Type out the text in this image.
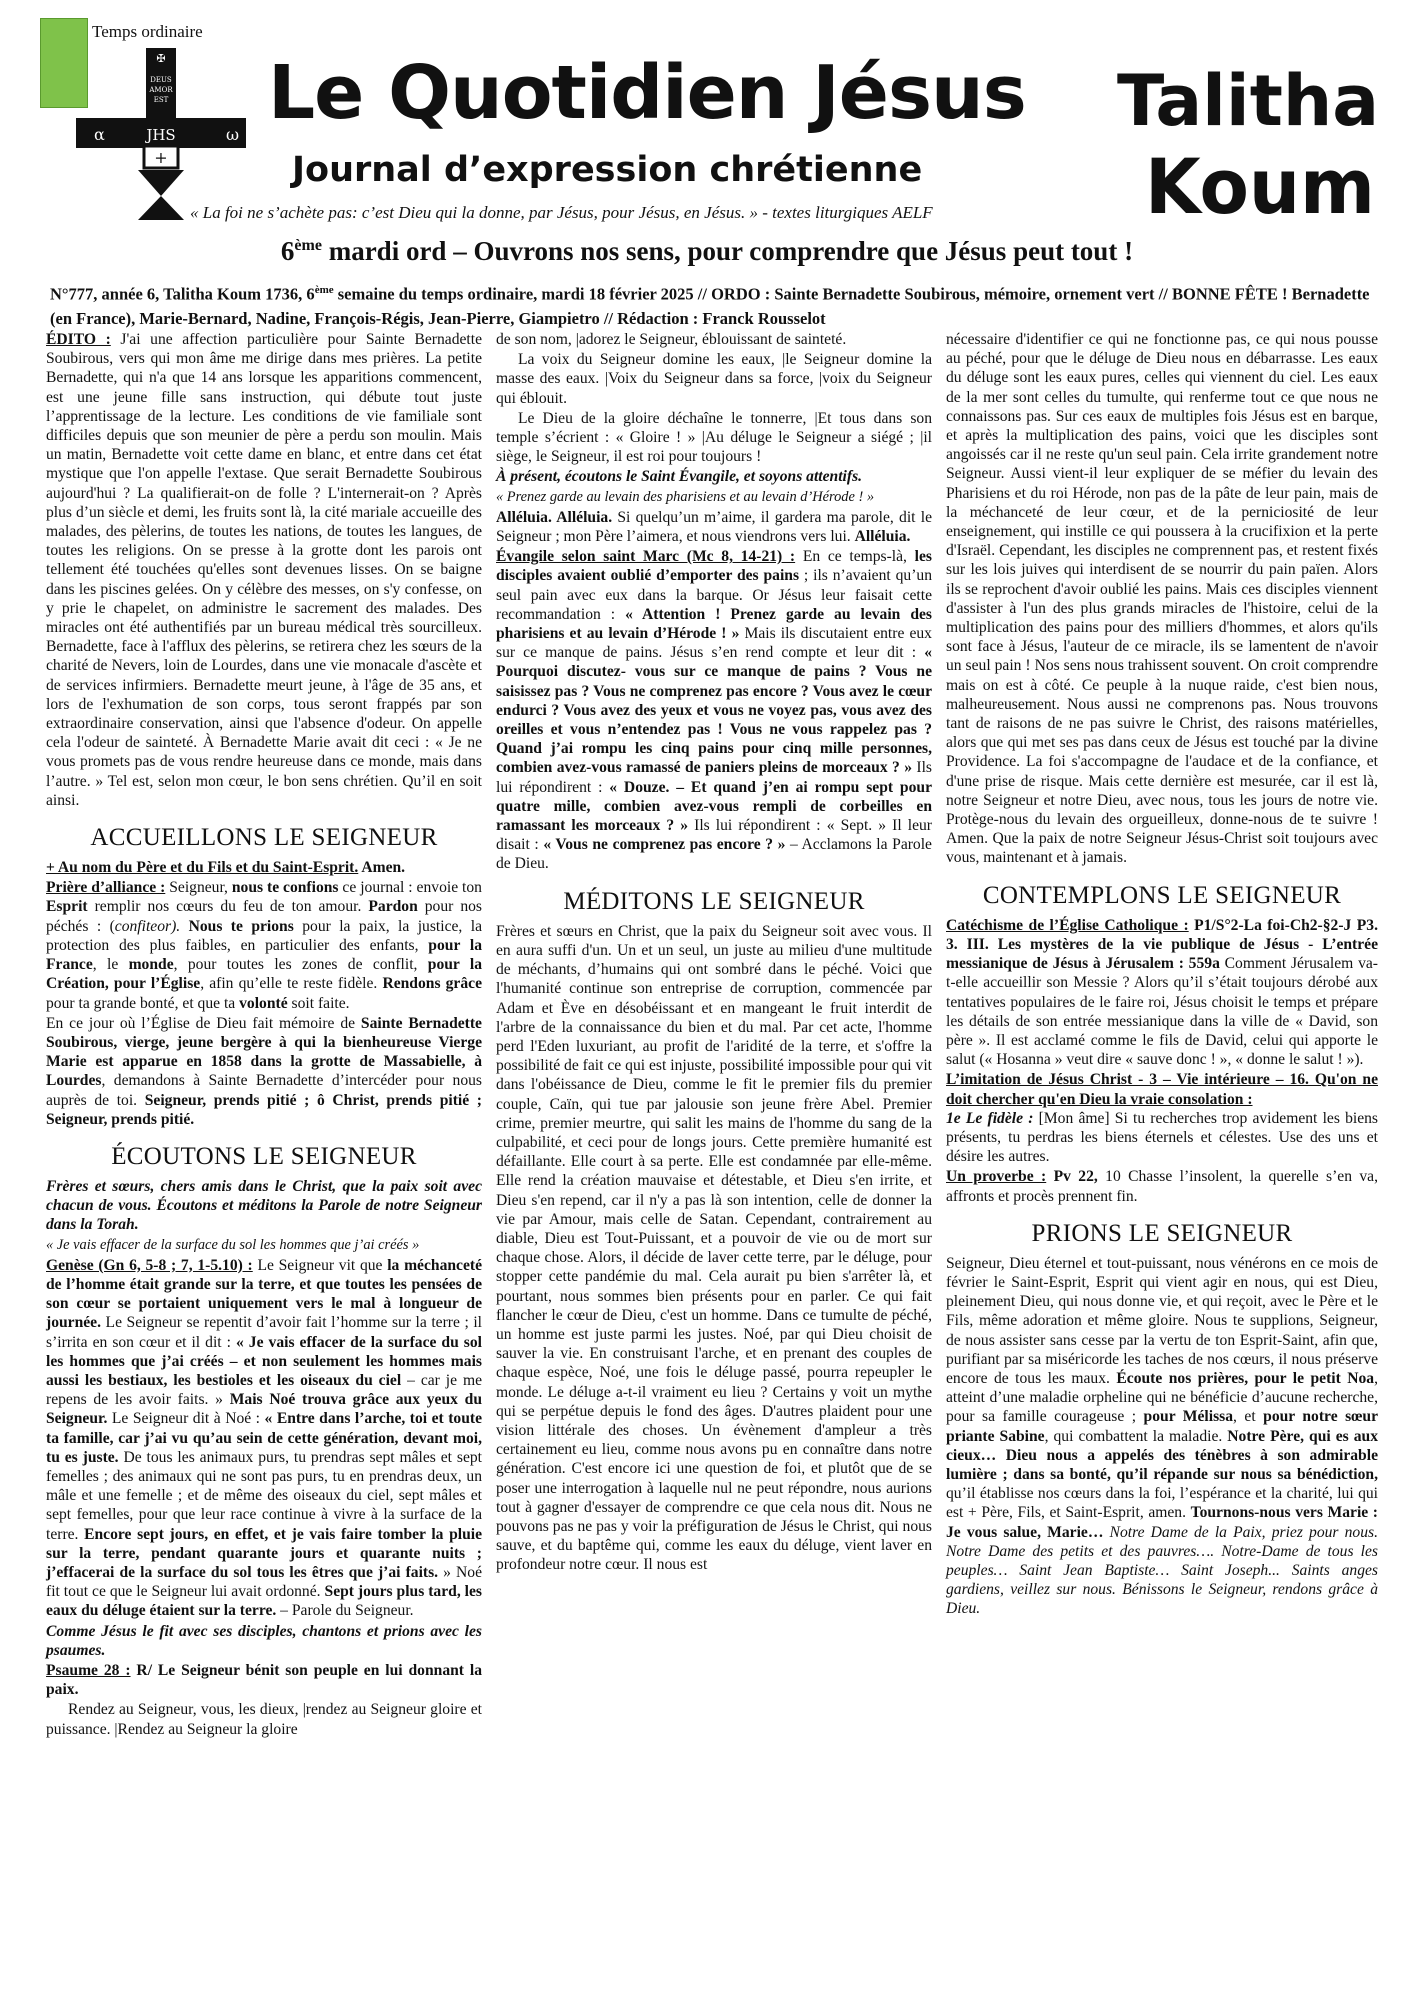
Temps ordinaire
✠
DEUS
AMOR
EST
α	JHS	ω
+
Le Quotidien Jésus
Journal d’expression chrétienne
« La foi ne s’achète pas: c’est Dieu qui la donne, par Jésus, pour Jésus, en Jésus. » - textes liturgiques AELF
Talitha
Koum
6ème mardi ord – Ouvrons nos sens, pour comprendre que Jésus peut tout !
N°777, année 6, Talitha Koum 1736, 6ème semaine du temps ordinaire, mardi 18 février 2025 // ORDO : Sainte Bernadette Soubirous, mémoire, ornement vert // BONNE FÊTE ! Bernadette (en France), Marie-Bernard, Nadine, François-Régis, Jean-Pierre, Giampietro // Rédaction : Franck Rousselot

ÉDITO : J'ai une affection particulière pour Sainte Bernadette Soubirous, vers qui mon âme me dirige dans mes prières. La petite Bernadette, qui n'a que 14 ans lorsque les apparitions commencent, est une jeune fille sans instruction, qui débute tout juste l’apprentissage de la lecture. Les conditions de vie familiale sont difficiles depuis que son meunier de père a perdu son moulin. Mais un matin, Bernadette voit cette dame en blanc, et entre dans cet état mystique que l'on appelle l'extase. Que serait Bernadette Soubirous aujourd'hui ? La qualifierait-on de folle ? L'internerait-on ? Après plus d’un siècle et demi, les fruits sont là, la cité mariale accueille des malades, des pèlerins, de toutes les nations, de toutes les langues, de toutes les religions. On se presse à la grotte dont les parois ont tellement été touchées qu'elles sont devenues lisses. On se baigne dans les piscines gelées. On y célèbre des messes, on s'y confesse, on y prie le chapelet, on administre le sacrement des malades. Des miracles ont été authentifiés par un bureau médical très sourcilleux. Bernadette, face à l'afflux des pèlerins, se retirera chez les sœurs de la charité de Nevers, loin de Lourdes, dans une vie monacale d'ascète et de services infirmiers. Bernadette meurt jeune, à l'âge de 35 ans, et lors de l'exhumation de son corps, tous seront frappés par son extraordinaire conservation, ainsi que l'absence d'odeur. On appelle cela l'odeur de sainteté. À Bernadette Marie avait dit ceci : « Je ne vous promets pas de vous rendre heureuse dans ce monde, mais dans l’autre. » Tel est, selon mon cœur, le bon sens chrétien. Qu’il en soit ainsi.

ACCUEILLONS LE SEIGNEUR

+ Au nom du Père et du Fils et du Saint-Esprit. Amen.

Prière d’alliance : Seigneur, nous te confions ce journal : envoie ton Esprit remplir nos cœurs du feu de ton amour. Pardon pour nos péchés : (confiteor). Nous te prions pour la paix, la justice, la protection des plus faibles, en particulier des enfants, pour la France, le monde, pour toutes les zones de conflit, pour la Création, pour l’Église, afin qu’elle te reste fidèle. Rendons grâce pour ta grande bonté, et que ta volonté soit faite.

En ce jour où l’Église de Dieu fait mémoire de Sainte Bernadette Soubirous, vierge, jeune bergère à qui la bienheureuse Vierge Marie est apparue en 1858 dans la grotte de Massabielle, à Lourdes, demandons à Sainte Bernadette d’intercéder pour nous auprès de toi. Seigneur, prends pitié ; ô Christ, prends pitié ; Seigneur, prends pitié.

ÉCOUTONS LE SEIGNEUR

Frères et sœurs, chers amis dans le Christ, que la paix soit avec chacun de vous. Écoutons et méditons la Parole de notre Seigneur dans la Torah.

« Je vais effacer de la surface du sol les hommes que j’ai créés »

Genèse (Gn 6, 5-8 ; 7, 1-5.10) : Le Seigneur vit que la méchanceté de l’homme était grande sur la terre, et que toutes les pensées de son cœur se portaient uniquement vers le mal à longueur de journée. Le Seigneur se repentit d’avoir fait l’homme sur la terre ; il s’irrita en son cœur et il dit : « Je vais effacer de la surface du sol les hommes que j’ai créés – et non seulement les hommes mais aussi les bestiaux, les bestioles et les oiseaux du ciel – car je me repens de les avoir faits. » Mais Noé trouva grâce aux yeux du Seigneur. Le Seigneur dit à Noé : « Entre dans l’arche, toi et toute ta famille, car j’ai vu qu’au sein de cette génération, devant moi, tu es juste. De tous les animaux purs, tu prendras sept mâles et sept femelles ; des animaux qui ne sont pas purs, tu en prendras deux, un mâle et une femelle ; et de même des oiseaux du ciel, sept mâles et sept femelles, pour que leur race continue à vivre à la surface de la terre. Encore sept jours, en effet, et je vais faire tomber la pluie sur la terre, pendant quarante jours et quarante nuits ; j’effacerai de la surface du sol tous les êtres que j’ai faits. » Noé fit tout ce que le Seigneur lui avait ordonné. Sept jours plus tard, les eaux du déluge étaient sur la terre. – Parole du Seigneur.

Comme Jésus le fit avec ses disciples, chantons et prions avec les psaumes.

Psaume 28 : R/ Le Seigneur bénit son peuple en lui donnant la paix.

Rendez au Seigneur, vous, les dieux, |rendez au Seigneur gloire et puissance. |Rendez au Seigneur la gloire

de son nom, |adorez le Seigneur, éblouissant de sainteté.

La voix du Seigneur domine les eaux, |le Seigneur domine la masse des eaux. |Voix du Seigneur dans sa force, |voix du Seigneur qui éblouit.

Le Dieu de la gloire déchaîne le tonnerre, |Et tous dans son temple s’écrient : « Gloire ! » |Au déluge le Seigneur a siégé ; |il siège, le Seigneur, il est roi pour toujours !

À présent, écoutons le Saint Évangile, et soyons attentifs.

« Prenez garde au levain des pharisiens et au levain d’Hérode ! »

Alléluia. Alléluia. Si quelqu’un m’aime, il gardera ma parole, dit le Seigneur ; mon Père l’aimera, et nous viendrons vers lui. Alléluia.

Évangile selon saint Marc (Mc 8, 14-21) : En ce temps-là, les disciples avaient oublié d’emporter des pains ; ils n’avaient qu’un seul pain avec eux dans la barque. Or Jésus leur faisait cette recommandation : « Attention ! Prenez garde au levain des pharisiens et au levain d’Hérode ! » Mais ils discutaient entre eux sur ce manque de pains. Jésus s’en rend compte et leur dit : « Pourquoi discutez- vous sur ce manque de pains ? Vous ne saisissez pas ? Vous ne comprenez pas encore ? Vous avez le cœur endurci ? Vous avez des yeux et vous ne voyez pas, vous avez des oreilles et vous n’entendez pas ! Vous ne vous rappelez pas ? Quand j’ai rompu les cinq pains pour cinq mille personnes, combien avez-vous ramassé de paniers pleins de morceaux ? » Ils lui répondirent : « Douze. – Et quand j’en ai rompu sept pour quatre mille, combien avez-vous rempli de corbeilles en ramassant les morceaux ? » Ils lui répondirent : « Sept. » Il leur disait : « Vous ne comprenez pas encore ? » – Acclamons la Parole de Dieu.

MÉDITONS LE SEIGNEUR

Frères et sœurs en Christ, que la paix du Seigneur soit avec vous. Il en aura suffi d'un. Un et un seul, un juste au milieu d'une multitude de méchants, d’humains qui ont sombré dans le péché. Voici que l'humanité continue son entreprise de corruption, commencée par Adam et Ève en désobéissant et en mangeant le fruit interdit de l'arbre de la connaissance du bien et du mal. Par cet acte, l'homme perd l'Eden luxuriant, au profit de l'aridité de la terre, et s'offre la possibilité de fait ce qui est injuste, possibilité impossible pour qui vit dans l'obéissance de Dieu, comme le fit le premier fils du premier couple, Caïn, qui tue par jalousie son jeune frère Abel. Premier crime, premier meurtre, qui salit les mains de l'homme du sang de la culpabilité, et ceci pour de longs jours. Cette première humanité est défaillante. Elle court à sa perte. Elle est condamnée par elle-même. Elle rend la création mauvaise et détestable, et Dieu s'en irrite, et Dieu s'en repend, car il n'y a pas là son intention, celle de donner la vie par Amour, mais celle de Satan. Cependant, contrairement au diable, Dieu est Tout-Puissant, et a pouvoir de vie ou de mort sur chaque chose. Alors, il décide de laver cette terre, par le déluge, pour stopper cette pandémie du mal. Cela aurait pu bien s'arrêter là, et pourtant, nous sommes bien présents pour en parler. Ce qui fait flancher le cœur de Dieu, c'est un homme. Dans ce tumulte de péché, un homme est juste parmi les justes. Noé, par qui Dieu choisit de sauver la vie. En construisant l'arche, et en prenant des couples de chaque espèce, Noé, une fois le déluge passé, pourra repeupler le monde. Le déluge a-t-il vraiment eu lieu ? Certains y voit un mythe qui se perpétue depuis le fond des âges. D'autres plaident pour une vision littérale des choses. Un évènement d'ampleur a très certainement eu lieu, comme nous avons pu en connaître dans notre génération. C'est encore ici une question de foi, et plutôt que de se poser une interrogation à laquelle nul ne peut répondre, nous aurions tout à gagner d'essayer de comprendre ce que cela nous dit. Nous ne pouvons pas ne pas y voir la préfiguration de Jésus le Christ, qui nous sauve, et du baptême qui, comme les eaux du déluge, vient laver en profondeur notre cœur. Il nous est

nécessaire d'identifier ce qui ne fonctionne pas, ce qui nous pousse au péché, pour que le déluge de Dieu nous en débarrasse. Les eaux du déluge sont les eaux pures, celles qui viennent du ciel. Les eaux de la mer sont celles du tumulte, qui renferme tout ce que nous ne connaissons pas. Sur ces eaux de multiples fois Jésus est en barque, et après la multiplication des pains, voici que les disciples sont angoissés car il ne reste qu'un seul pain. Cela irrite grandement notre Seigneur. Aussi vient-il leur expliquer de se méfier du levain des Pharisiens et du roi Hérode, non pas de la pâte de leur pain, mais de la méchanceté de leur cœur, et de la perniciosité de leur enseignement, qui instille ce qui poussera à la crucifixion et la perte d'Israël. Cependant, les disciples ne comprennent pas, et restent fixés sur les lois juives qui interdisent de se nourrir du pain païen. Alors ils se reprochent d'avoir oublié les pains. Mais ces disciples viennent d'assister à l'un des plus grands miracles de l'histoire, celui de la multiplication des pains pour des milliers d'hommes, et alors qu'ils sont face à Jésus, l'auteur de ce miracle, ils se lamentent de n'avoir un seul pain ! Nos sens nous trahissent souvent. On croit comprendre mais on est à côté. Ce peuple à la nuque raide, c'est bien nous, malheureusement. Nous aussi ne comprenons pas. Nous trouvons tant de raisons de ne pas suivre le Christ, des raisons matérielles, alors que qui met ses pas dans ceux de Jésus est touché par la divine Providence. La foi s'accompagne de l'audace et de la confiance, et d'une prise de risque. Mais cette dernière est mesurée, car il est là, notre Seigneur et notre Dieu, avec nous, tous les jours de notre vie. Protège-nous du levain des orgueilleux, donne-nous de te suivre ! Amen. Que la paix de notre Seigneur Jésus-Christ soit toujours avec vous, maintenant et à jamais.

CONTEMPLONS LE SEIGNEUR

Catéchisme de l’Église Catholique : P1/S°2-La foi-Ch2-§2-J P3. 3. III. Les mystères de la vie publique de Jésus - L’entrée messianique de Jésus à Jérusalem : 559a Comment Jérusalem va-t-elle accueillir son Messie ? Alors qu’il s’était toujours dérobé aux tentatives populaires de le faire roi, Jésus choisit le temps et prépare les détails de son entrée messianique dans la ville de « David, son père ». Il est acclamé comme le fils de David, celui qui apporte le salut (« Hosanna » veut dire « sauve donc ! », « donne le salut ! »).

L’imitation de Jésus Christ - 3 – Vie intérieure – 16. Qu'on ne doit chercher qu'en Dieu la vraie consolation :
1e Le fidèle : [Mon âme] Si tu recherches trop avidement les biens présents, tu perdras les biens éternels et célestes. Use des uns et désire les autres.

Un proverbe : Pv 22, 10 Chasse l’insolent, la querelle s’en va, affronts et procès prennent fin.

PRIONS LE SEIGNEUR

Seigneur, Dieu éternel et tout-puissant, nous vénérons en ce mois de février le Saint-Esprit, Esprit qui vient agir en nous, qui est Dieu, pleinement Dieu, qui nous donne vie, et qui reçoit, avec le Père et le Fils, même adoration et même gloire. Nous te supplions, Seigneur, de nous assister sans cesse par la vertu de ton Esprit-Saint, afin que, purifiant par sa miséricorde les taches de nos cœurs, il nous préserve encore de tous les maux. Écoute nos prières, pour le petit Noa, atteint d’une maladie orpheline qui ne bénéficie d’aucune recherche, pour sa famille courageuse ; pour Mélissa, et pour notre sœur priante Sabine, qui combattent la maladie. Notre Père, qui es aux cieux… Dieu nous a appelés des ténèbres à son admirable lumière ; dans sa bonté, qu’il répande sur nous sa bénédiction, qu’il établisse nos cœurs dans la foi, l’espérance et la charité, lui qui est + Père, Fils, et Saint-Esprit, amen. Tournons-nous vers Marie : Je vous salue, Marie… Notre Dame de la Paix, priez pour nous. Notre Dame des petits et des pauvres…. Notre-Dame de tous les peuples… Saint Jean Baptiste… Saint Joseph... Saints anges gardiens, veillez sur nous. Bénissons le Seigneur, rendons grâce à Dieu.
